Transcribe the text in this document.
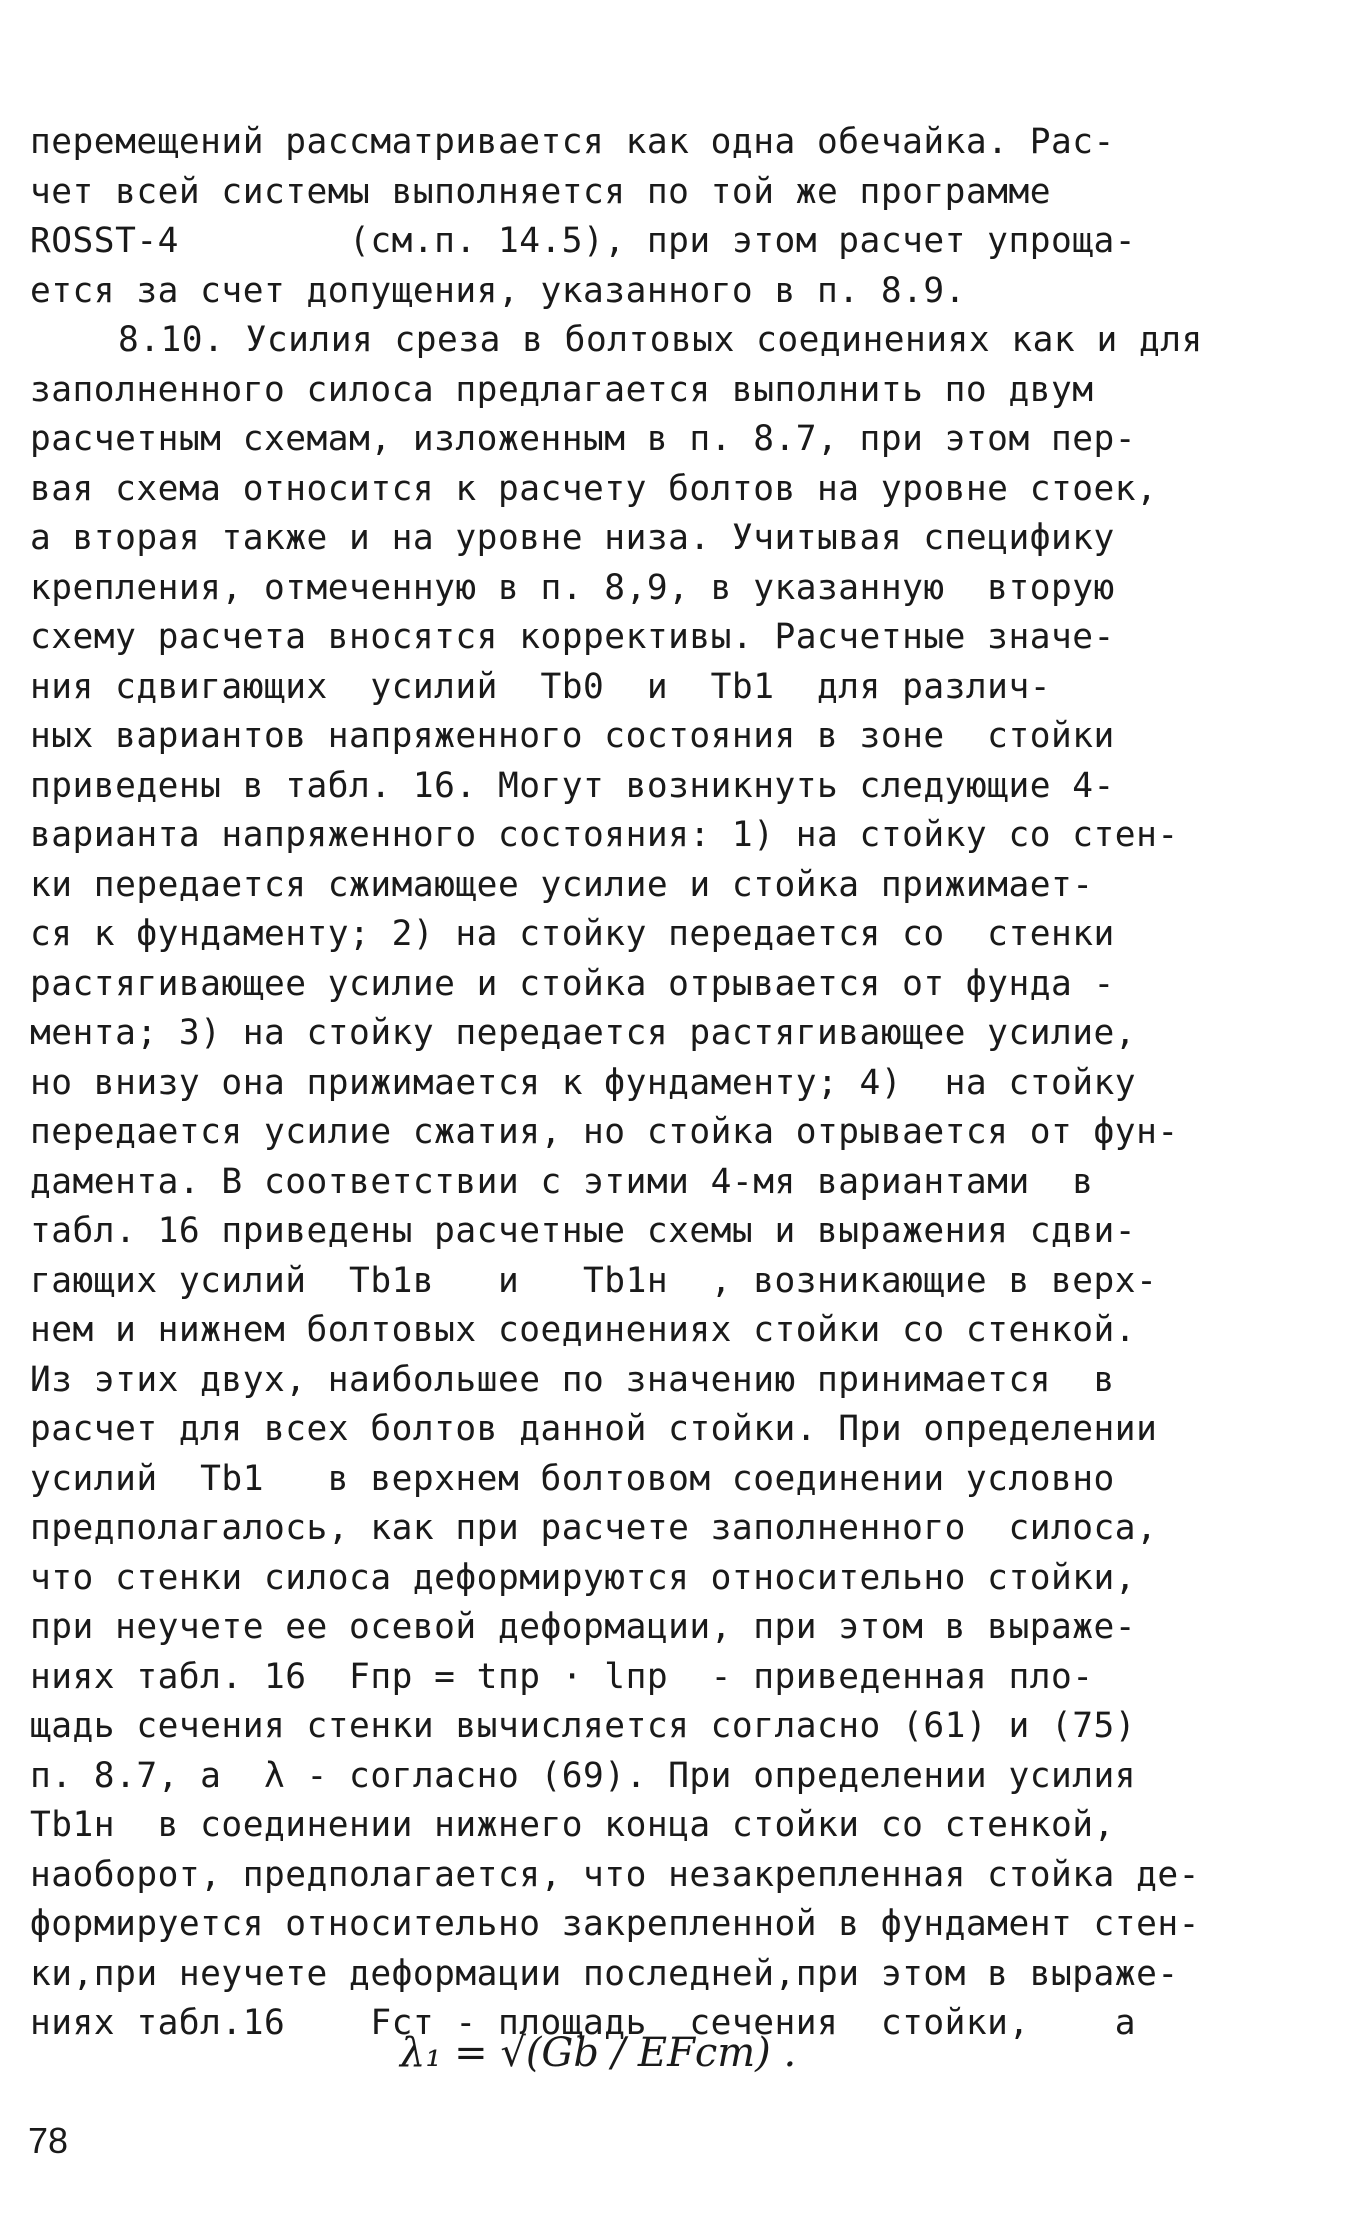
перемещений рассматривается как одна обечайка. Рас-
чет всей системы выполняется по той же программе
ROSST-4        (см.п. 14.5), при этом расчет упроща-
ется за счет допущения, указанного в п. 8.9.
8.10. Усилия среза в болтовых соединениях как и для
заполненного силоса предлагается выполнить по двум
расчетным схемам, изложенным в п. 8.7, при этом пер-
вая схема относится к расчету болтов на уровне стоек,
а вторая также и на уровне низа. Учитывая специфику
крепления, отмеченную в п. 8,9, в указанную  вторую
схему расчета вносятся коррективы. Расчетные значе-
ния сдвигающих  усилий  Tb0  и  Tb1  для различ-
ных вариантов напряженного состояния в зоне  стойки
приведены в табл. 16. Могут возникнуть следующие 4-
варианта напряженного состояния: 1) на стойку со стен-
ки передается сжимающее усилие и стойка прижимает-
ся к фундаменту; 2) на стойку передается со  стенки
растягивающее усилие и стойка отрывается от фунда -
мента; 3) на стойку передается растягивающее усилие,
но внизу она прижимается к фундаменту; 4)  на стойку
передается усилие сжатия, но стойка отрывается от фун-
дамента. В соответствии с этими 4-мя вариантами  в
табл. 16 приведены расчетные схемы и выражения сдви-
гающих усилий  Tb1в   и   Tb1н  , возникающие в верх-
нем и нижнем болтовых соединениях стойки со стенкой.
Из этих двух, наибольшее по значению принимается  в
расчет для всех болтов данной стойки. При определении
усилий  Tb1   в верхнем болтовом соединении условно
предполагалось, как при расчете заполненного  силоса,
что стенки силоса деформируются относительно стойки,
при неучете ее осевой деформации, при этом в выраже-
ниях табл. 16  Fпр = tпр · lпр  - приведенная пло-
щадь сечения стенки вычисляется согласно (61) и (75)
п. 8.7, а  λ - согласно (69). При определении усилия
Tb1н  в соединении нижнего конца стойки со стенкой,
наоборот, предполагается, что незакрепленная стойка де-
формируется относительно закрепленной в фундамент стен-
ки,при неучете деформации последней,при этом в выраже-
ниях табл.16    Fст - площадь  сечения  стойки,    а
λ₁ = √(Gb / EFст) .
78
